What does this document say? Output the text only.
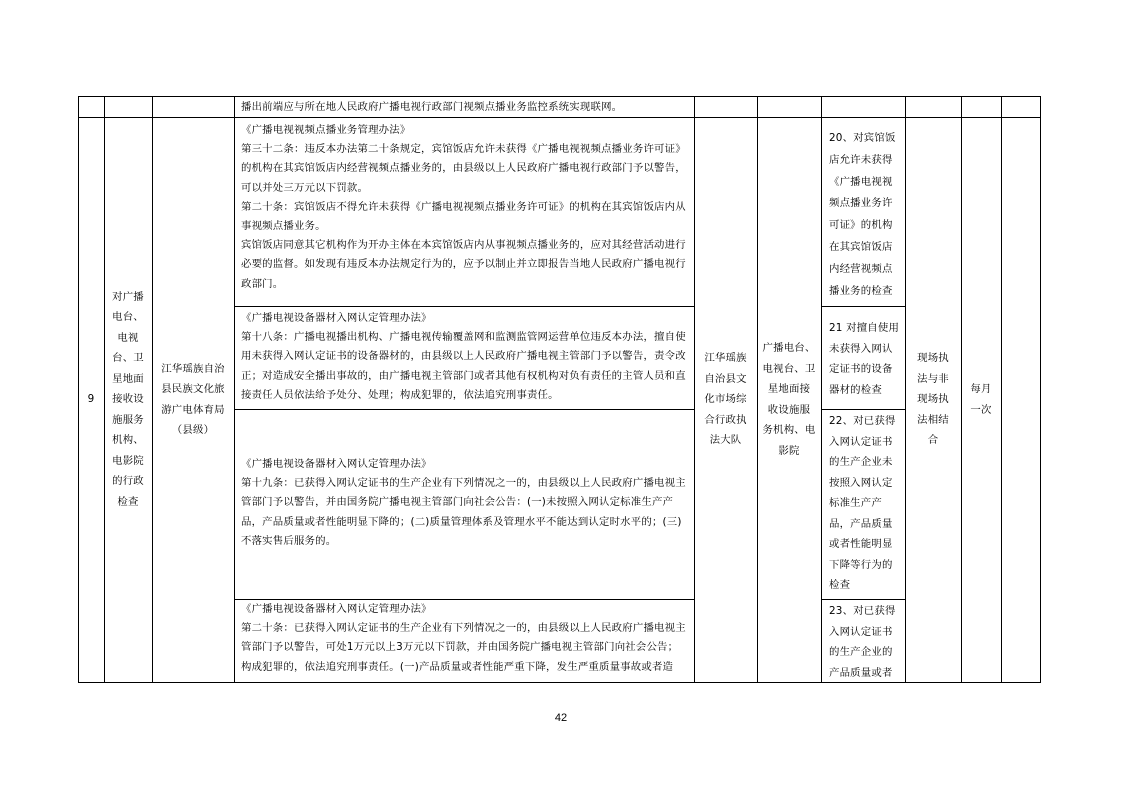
播出前端应与所在地人民政府广播电视行政部门视频点播业务监控系统实现联网。
9
对广播
电台、
电视
台、卫
星地面
接收设
施服务
机构、
电影院
的行政
检查
江华瑶族自治
县民族文化旅
游广电体育局
（县级）
《广播电视视频点播业务管理办法》
第三十二条：违反本办法第二十条规定，宾馆饭店允许未获得《广播电视视频点播业务许可证》
的机构在其宾馆饭店内经营视频点播业务的，由县级以上人民政府广播电视行政部门予以警告，
可以并处三万元以下罚款。
第二十条：宾馆饭店不得允许未获得《广播电视视频点播业务许可证》的机构在其宾馆饭店内从
事视频点播业务。
宾馆饭店同意其它机构作为开办主体在本宾馆饭店内从事视频点播业务的，应对其经营活动进行
必要的监督。如发现有违反本办法规定行为的，应予以制止并立即报告当地人民政府广播电视行
政部门。
《广播电视设备器材入网认定管理办法》
第十八条：广播电视播出机构、广播电视传输覆盖网和监测监管网运营单位违反本办法，擅自使
用未获得入网认定证书的设备器材的，由县级以上人民政府广播电视主管部门予以警告，责令改
正；对造成安全播出事故的，由广播电视主管部门或者其他有权机构对负有责任的主管人员和直
接责任人员依法给予处分、处理；构成犯罪的，依法追究刑事责任。
《广播电视设备器材入网认定管理办法》
第十九条：已获得入网认定证书的生产企业有下列情况之一的，由县级以上人民政府广播电视主
管部门予以警告，并由国务院广播电视主管部门向社会公告：(一)未按照入网认定标准生产产
品，产品质量或者性能明显下降的；(二)质量管理体系及管理水平不能达到认定时水平的；(三)
不落实售后服务的。
《广播电视设备器材入网认定管理办法》
第二十条：已获得入网认定证书的生产企业有下列情况之一的，由县级以上人民政府广播电视主
管部门予以警告，可处1万元以上3万元以下罚款，并由国务院广播电视主管部门向社会公告；
构成犯罪的，依法追究刑事责任。(一)产品质量或者性能严重下降，发生严重质量事故或者造
江华瑶族
自治县文
化市场综
合行政执
法大队
广播电台、
电视台、卫
星地面接
收设施服
务机构、电
影院
20、对宾馆饭
店允许未获得
《广播电视视
频点播业务许
可证》的机构
在其宾馆饭店
内经营视频点
播业务的检查
21 对擅自使用
未获得入网认
定证书的设备
器材的检查
22、对已获得
入网认定证书
的生产企业未
按照入网认定
标准生产产
品，产品质量
或者性能明显
下降等行为的
检查
23、对已获得
入网认定证书
的生产企业的
产品质量或者
现场执
法与非
现场执
法相结
合
每月
一次
42
